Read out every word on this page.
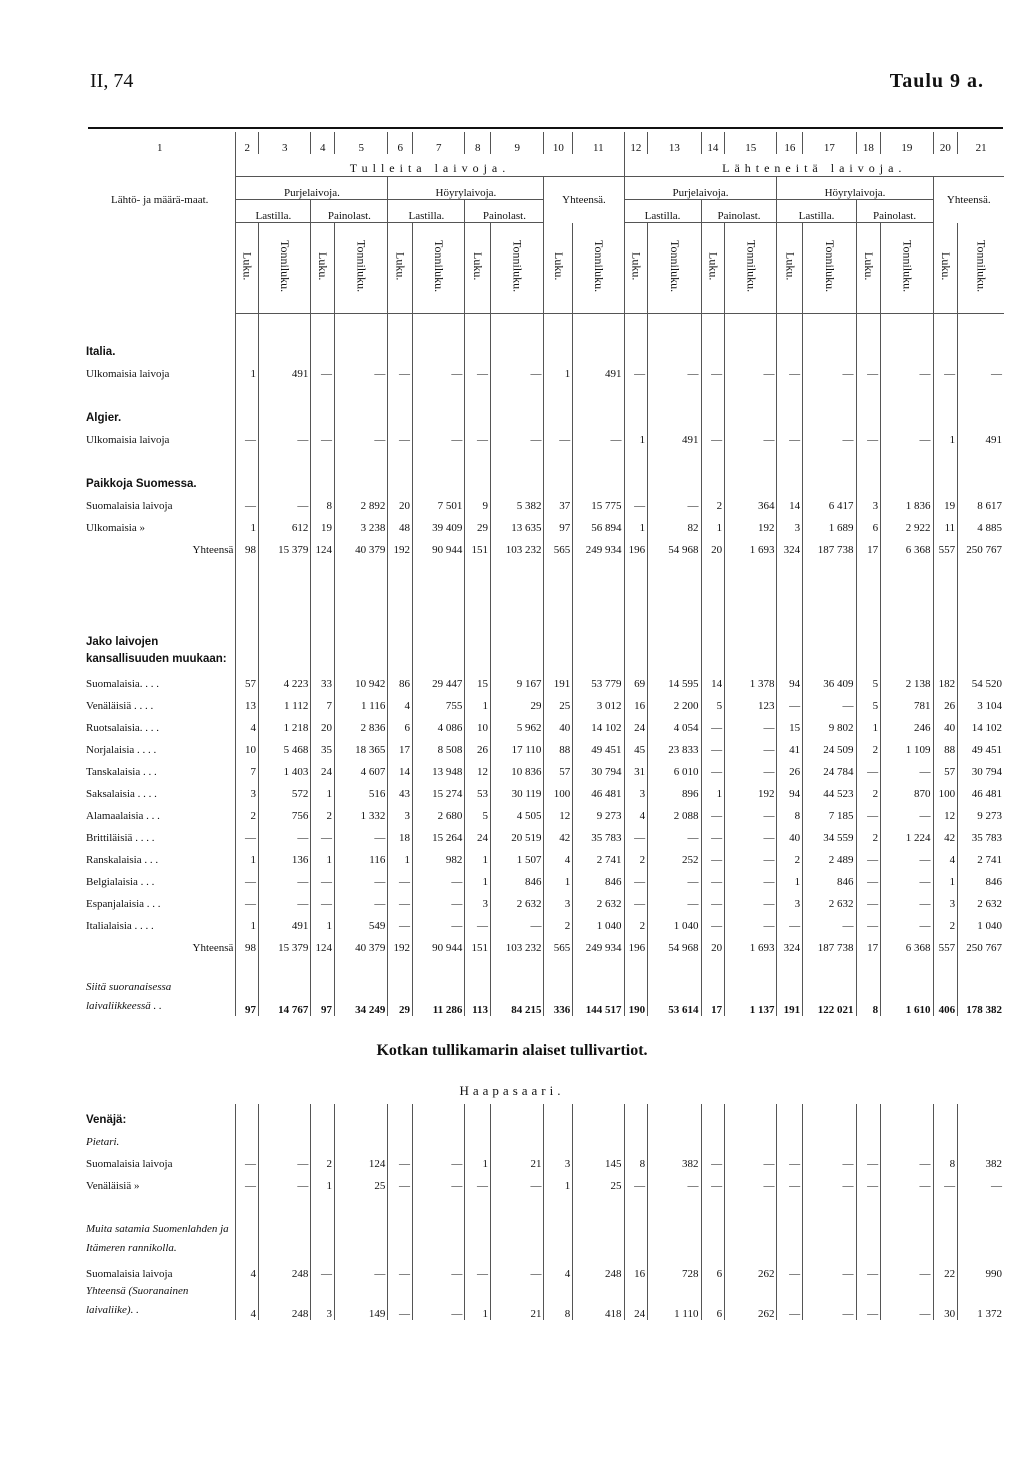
II, 74	Taulu 9 a.
1	2	3	4	5	6	7	8	9	10	11	12	13	14	15	16	17	18	19	20	21
	Tulleita laivoja.										Lähteneitä laivoja.									
Lähtö- ja määrä-maat.	Purjelaivoja.				Höyrylaivoja.				Yhteensä.		Purjelaivoja.				Höyrylaivoja.				Yhteensä.	
	Lastilla.		Painolast.		Lastilla.		Painolast.				Lastilla.		Painolast.		Lastilla.		Painolast.			
	Luku.	Tonniluku.	Luku.	Tonniluku.	Luku.	Tonniluku.	Luku.	Tonniluku.	Luku.	Tonniluku.	Luku.	Tonniluku.	Luku.	Tonniluku.	Luku.	Tonniluku.	Luku.	Tonniluku.	Luku.	Tonniluku.

Italia.																				
Ulkomaisia laivoja	1	491	—	—	—	—	—	—	1	491	—	—	—	—	—	—	—	—	—	—

Algier.																				
Ulkomaisia laivoja	—	—	—	—	—	—	—	—	—	—	1	491	—	—	—	—	—	—	1	491

Paikkoja Suomessa.																				
Suomalaisia laivoja	—	—	8	2 892	20	7 501	9	5 382	37	15 775	—	—	2	364	14	6 417	3	1 836	19	8 617
Ulkomaisia »	1	612	19	3 238	48	39 409	29	13 635	97	56 894	1	82	1	192	3	1 689	6	2 922	11	4 885
Yhteensä	98	15 379	124	40 379	192	90 944	151	103 232	565	249 934	196	54 968	20	1 693	324	187 738	17	6 368	557	250 767

Jako laivojen kansallisuuden muukaan:																				
Suomalaisia. . . .	57	4 223	33	10 942	86	29 447	15	9 167	191	53 779	69	14 595	14	1 378	94	36 409	5	2 138	182	54 520
Venäläisiä . . . .	13	1 112	7	1 116	4	755	1	29	25	3 012	16	2 200	5	123	—	—	5	781	26	3 104
Ruotsalaisia. . . .	4	1 218	20	2 836	6	4 086	10	5 962	40	14 102	24	4 054	—	—	15	9 802	1	246	40	14 102
Norjalaisia . . . .	10	5 468	35	18 365	17	8 508	26	17 110	88	49 451	45	23 833	—	—	41	24 509	2	1 109	88	49 451
Tanskalaisia . . .	7	1 403	24	4 607	14	13 948	12	10 836	57	30 794	31	6 010	—	—	26	24 784	—	—	57	30 794
Saksalaisia . . . .	3	572	1	516	43	15 274	53	30 119	100	46 481	3	896	1	192	94	44 523	2	870	100	46 481
Alamaalaisia . . .	2	756	2	1 332	3	2 680	5	4 505	12	9 273	4	2 088	—	—	8	7 185	—	—	12	9 273
Brittiläisiä . . . .	—	—	—	—	18	15 264	24	20 519	42	35 783	—	—	—	—	40	34 559	2	1 224	42	35 783
Ranskalaisia . . .	1	136	1	116	1	982	1	1 507	4	2 741	2	252	—	—	2	2 489	—	—	4	2 741
Belgialaisia . . .	—	—	—	—	—	—	1	846	1	846	—	—	—	—	1	846	—	—	1	846
Espanjalaisia . . .	—	—	—	—	—	—	3	2 632	3	2 632	—	—	—	—	3	2 632	—	—	3	2 632
Italialaisia . . . .	1	491	1	549	—	—	—	—	2	1 040	2	1 040	—	—	—	—	—	—	2	1 040
Yhteensä	98	15 379	124	40 379	192	90 944	151	103 232	565	249 934	196	54 968	20	1 693	324	187 738	17	6 368	557	250 767

Siitä suoranaisessa laivaliikkeessä . .	97	14 767	97	34 249	29	11 286	113	84 215	336	144 517	190	53 614	17	1 137	191	122 021	8	1 610	406	178 382
Kotkan tullikamarin alaiset tullivartiot.
Haapasaari.
Venäjä:																				
Pietari.																				
Suomalaisia laivoja	—	—	2	124	—	—	1	21	3	145	8	382	—	—	—	—	—	—	8	382
Venäläisiä »	—	—	1	25	—	—	—	—	1	25	—	—	—	—	—	—	—	—	—	—
Muita satamia Suomenlahden ja Itämeren rannikolla.																				
Suomalaisia laivoja	4	248	—	—	—	—	—	—	4	248	16	728	6	262	—	—	—	—	22	990
Yhteensä (Suoranainen laivaliike). .	4	248	3	149	—	—	1	21	8	418	24	1 110	6	262	—	—	—	—	30	1 372
